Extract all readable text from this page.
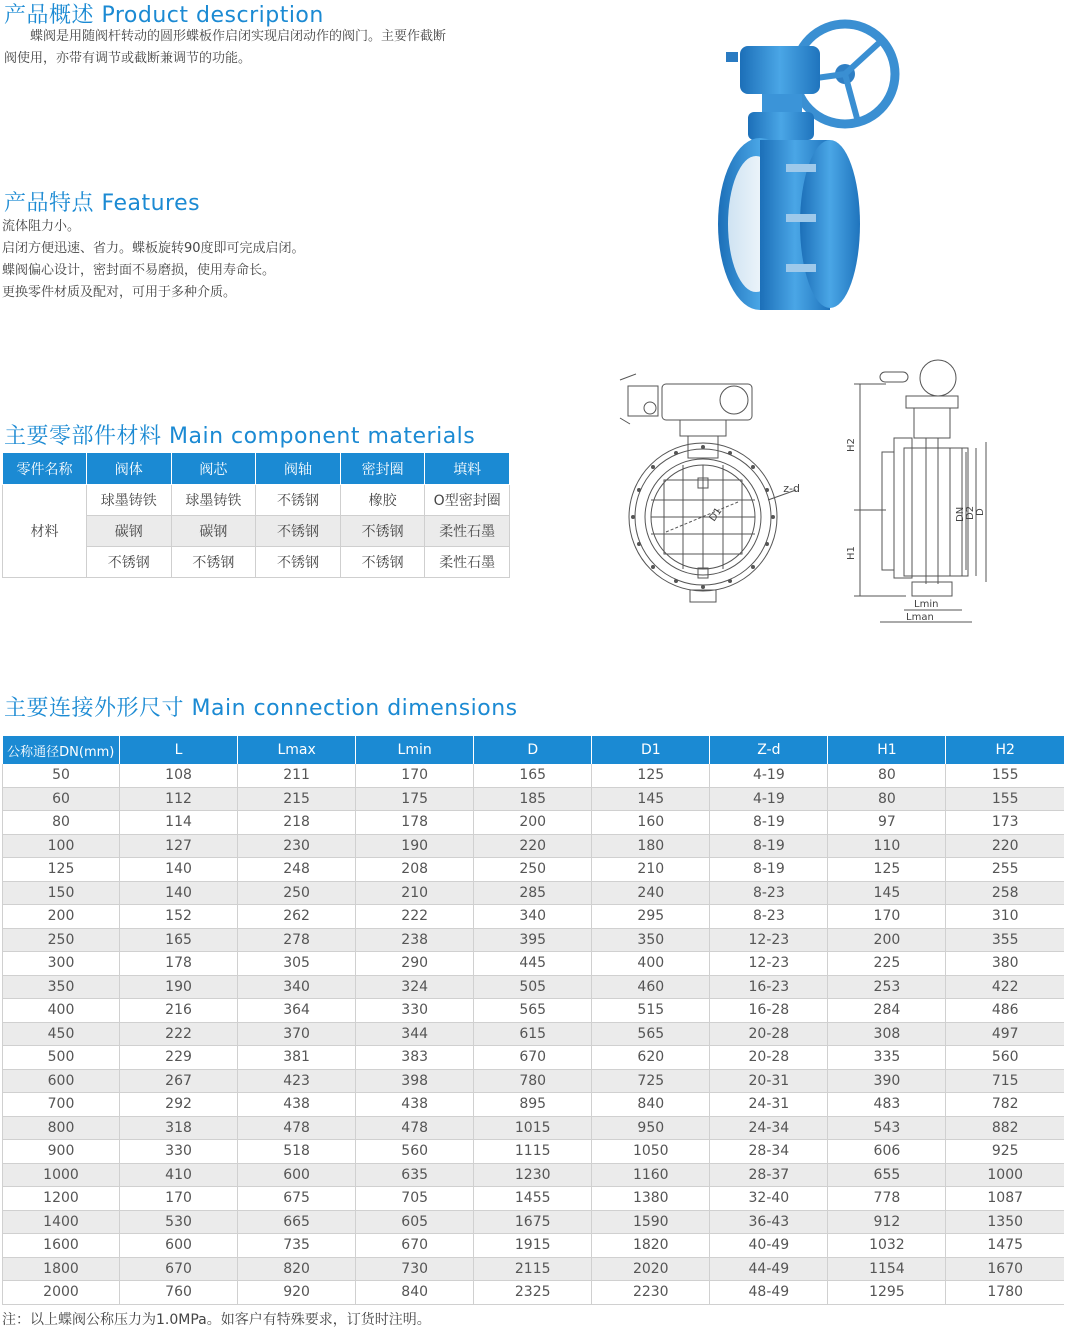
产品概述 Product description
　　蝶阀是用随阀杆转动的圆形蝶板作启闭实现启闭动作的阀门。主要作截断
阀使用，亦带有调节或截断兼调节的功能。
产品特点 Features
流体阻力小。
启闭方便迅速、省力。蝶板旋转90度即可完成启闭。
蝶阀偏心设计，密封面不易磨损，使用寿命长。
更换零件材质及配对，可用于多种介质。
主要零部件材料 Main component materials
零件名称	阀体	阀芯	阀轴	密封圈	填料
材料	球墨铸铁	球墨铸铁	不锈钢	橡胶	O型密封圈
	碳钢	碳钢	不锈钢	不锈钢	柔性石墨
	不锈钢	不锈钢	不锈钢	不锈钢	柔性石墨
z-d
D1
H2
H1
DN D2 D
Lmin
Lman
主要连接外形尺寸 Main connection dimensions
公称通径DN(mm)	L	Lmax	Lmin	D	D1	Z-d	H1	H2
50	108	211	170	165	125	4-19	80	155
60	112	215	175	185	145	4-19	80	155
80	114	218	178	200	160	8-19	97	173
100	127	230	190	220	180	8-19	110	220
125	140	248	208	250	210	8-19	125	255
150	140	250	210	285	240	8-23	145	258
200	152	262	222	340	295	8-23	170	310
250	165	278	238	395	350	12-23	200	355
300	178	305	290	445	400	12-23	225	380
350	190	340	324	505	460	16-23	253	422
400	216	364	330	565	515	16-28	284	486
450	222	370	344	615	565	20-28	308	497
500	229	381	383	670	620	20-28	335	560
600	267	423	398	780	725	20-31	390	715
700	292	438	438	895	840	24-31	483	782
800	318	478	478	1015	950	24-34	543	882
900	330	518	560	1115	1050	28-34	606	925
1000	410	600	635	1230	1160	28-37	655	1000
1200	170	675	705	1455	1380	32-40	778	1087
1400	530	665	605	1675	1590	36-43	912	1350
1600	600	735	670	1915	1820	40-49	1032	1475
1800	670	820	730	2115	2020	44-49	1154	1670
2000	760	920	840	2325	2230	48-49	1295	1780
注：以上蝶阀公称压力为1.0MPa。如客户有特殊要求，订货时注明。
